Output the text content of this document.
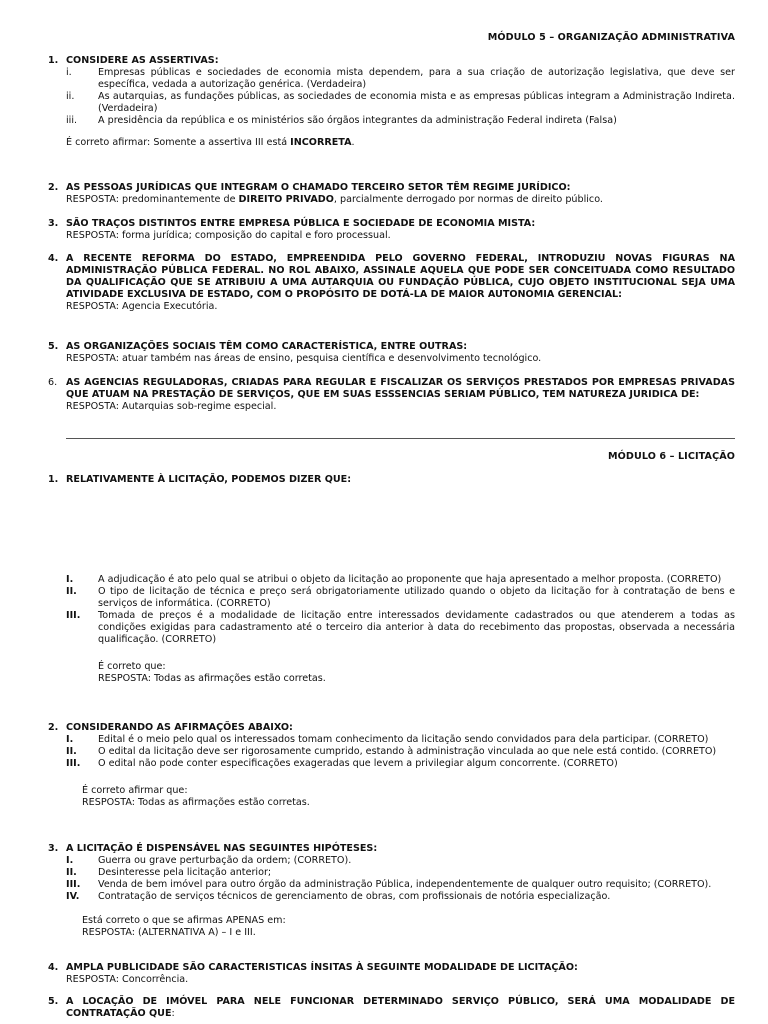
MÓDULO 5 – ORGANIZAÇÃO ADMINISTRATIVA
1. CONSIDERE AS ASSERTIVAS:
i.	Empresas públicas e sociedades de economia mista dependem, para a sua criação de autorização legislativa, que deve ser específica, vedada a autorização genérica. (Verdadeira)
ii.	As autarquias, as fundações públicas, as sociedades de economia mista e as empresas públicas integram a Administração Indireta. (Verdadeira)
iii.	A presidência da república e os ministérios são órgãos integrantes da administração Federal indireta (Falsa)
É correto afirmar: Somente a assertiva III está INCORRETA.
2. AS PESSOAS JURÍDICAS QUE INTEGRAM O CHAMADO TERCEIRO SETOR TÊM REGIME JURÍDICO:
RESPOSTA: predominantemente de DIREITO PRIVADO, parcialmente derrogado por normas de direito público.
3. SÃO TRAÇOS DISTINTOS ENTRE EMPRESA PÚBLICA E SOCIEDADE DE ECONOMIA MISTA:
RESPOSTA: forma jurídica; composição do capital e foro processual.
4. A RECENTE REFORMA DO ESTADO, EMPREENDIDA PELO GOVERNO FEDERAL, INTRODUZIU NOVAS FIGURAS NA ADMINISTRAÇÃO PÚBLICA FEDERAL. NO ROL ABAIXO, ASSINALE AQUELA QUE PODE SER CONCEITUADA COMO RESULTADO DA QUALIFICAÇÃO QUE SE ATRIBUIU A UMA AUTARQUIA OU FUNDAÇÃO PÚBLICA, CUJO OBJETO INSTITUCIONAL SEJA UMA ATIVIDADE EXCLUSIVA DE ESTADO, COM O PROPÓSITO DE DOTÁ-LA DE MAIOR AUTONOMIA GERENCIAL:
RESPOSTA: Agencia Executória.
5. AS ORGANIZAÇÕES SOCIAIS TÊM COMO CARACTERÍSTICA, ENTRE OUTRAS:
RESPOSTA: atuar também nas áreas de ensino, pesquisa científica e desenvolvimento tecnológico.
6. AS AGENCIAS REGULADORAS, CRIADAS PARA REGULAR E FISCALIZAR OS SERVIÇOS PRESTADOS POR EMPRESAS PRIVADAS QUE ATUAM NA PRESTAÇÃO DE SERVIÇOS, QUE EM SUAS ESSSENCIAS SERIAM PÚBLICO, TEM NATUREZA JURIDICA DE:
RESPOSTA: Autarquias sob-regime especial.
MÓDULO 6 – LICITAÇÃO
1. RELATIVAMENTE À LICITAÇÃO, PODEMOS DIZER QUE:
I.	A adjudicação é ato pelo qual se atribui o objeto da licitação ao proponente que haja apresentado a melhor proposta. (CORRETO)
II.	O tipo de licitação de técnica e preço será obrigatoriamente utilizado quando o objeto da licitação for à contratação de bens e serviços de informática. (CORRETO)
III.	Tomada de preços é a modalidade de licitação entre interessados devidamente cadastrados ou que atenderem a todas as condições exigidas para cadastramento até o terceiro dia anterior à data do recebimento das propostas, observada a necessária qualificação. (CORRETO)
É correto que:
RESPOSTA: Todas as afirmações estão corretas.
2. CONSIDERANDO AS AFIRMAÇÕES ABAIXO:
I.	Edital é o meio pelo qual os interessados tomam conhecimento da licitação sendo convidados para dela participar. (CORRETO)
II.	O edital da licitação deve ser rigorosamente cumprido, estando à administração vinculada ao que nele está contido. (CORRETO)
III.	O edital não pode conter especificações exageradas que levem a privilegiar algum concorrente. (CORRETO)
É correto afirmar que:
RESPOSTA: Todas as afirmações estão corretas.
3. A LICITAÇÃO É DISPENSÁVEL NAS SEGUINTES HIPÓTESES:
I.	Guerra ou grave perturbação da ordem; (CORRETO).
II.	Desinteresse pela licitação anterior;
III.	Venda de bem imóvel para outro órgão da administração Pública, independentemente de qualquer outro requisito; (CORRETO).
IV.	Contratação de serviços técnicos de gerenciamento de obras, com profissionais de notória especialização.
Está correto o que se afirmas APENAS em:
RESPOSTA: (ALTERNATIVA A) – I e III.
4. AMPLA PUBLICIDADE SÃO CARACTERISTICAS ÍNSITAS À SEGUINTE MODALIDADE DE LICITAÇÃO:
RESPOSTA: Concorrência.
5. A LOCAÇÃO DE IMÓVEL PARA NELE FUNCIONAR DETERMINADO SERVIÇO PÚBLICO, SERÁ UMA MODALIDADE DE CONTRATAÇÃO QUE:
